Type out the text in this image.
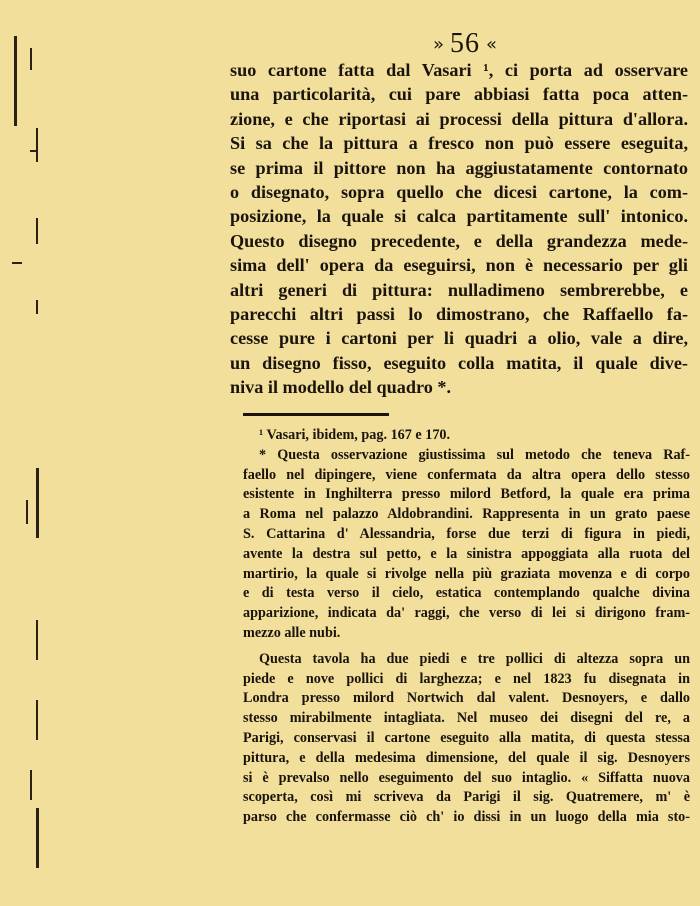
» 56 «
suo cartone fatta dal Vasari ¹, ci porta ad osservare
una particolarità, cui pare abbiasi fatta poca atten-
zione, e che riportasi ai processi della pittura d'allora.
Si sa che la pittura a fresco non può essere eseguita,
se prima il pittore non ha aggiustatamente contornato
o disegnato, sopra quello che dicesi cartone, la com-
posizione, la quale si calca partitamente sull' intonico.
Questo disegno precedente, e della grandezza mede-
sima dell' opera da eseguirsi, non è necessario per gli
altri generi di pittura: nulladimeno sembrerebbe, e
parecchi altri passi lo dimostrano, che Raffaello fa-
cesse pure i cartoni per li quadri a olio, vale a dire,
un disegno fisso, eseguito colla matita, il quale dive-
niva il modello del quadro *.
¹ Vasari, ibidem, pag. 167 e 170.
* Questa osservazione giustissima sul metodo che teneva Raf-
faello nel dipingere, viene confermata da altra opera dello stesso
esistente in Inghilterra presso milord Betford, la quale era prima
a Roma nel palazzo Aldobrandini. Rappresenta in un grato paese
S. Cattarina d' Alessandria, forse due terzi di figura in piedi,
avente la destra sul petto, e la sinistra appoggiata alla ruota del
martirio, la quale si rivolge nella più graziata movenza e di corpo
e di testa verso il cielo, estatica contemplando qualche divina
apparizione, indicata da' raggi, che verso di lei si dirigono fram-
mezzo alle nubi.
Questa tavola ha due piedi e tre pollici di altezza sopra un
piede e nove pollici di larghezza; e nel 1823 fu disegnata in
Londra presso milord Nortwich dal valent. Desnoyers, e dallo
stesso mirabilmente intagliata. Nel museo dei disegni del re, a
Parigi, conservasi il cartone eseguito alla matita, di questa stessa
pittura, e della medesima dimensione, del quale il sig. Desnoyers
si è prevalso nello eseguimento del suo intaglio. « Siffatta nuova
scoperta, così mi scriveva da Parigi il sig. Quatremere, m' è
parso che confermasse ciò ch' io dissi in un luogo della mia sto-
